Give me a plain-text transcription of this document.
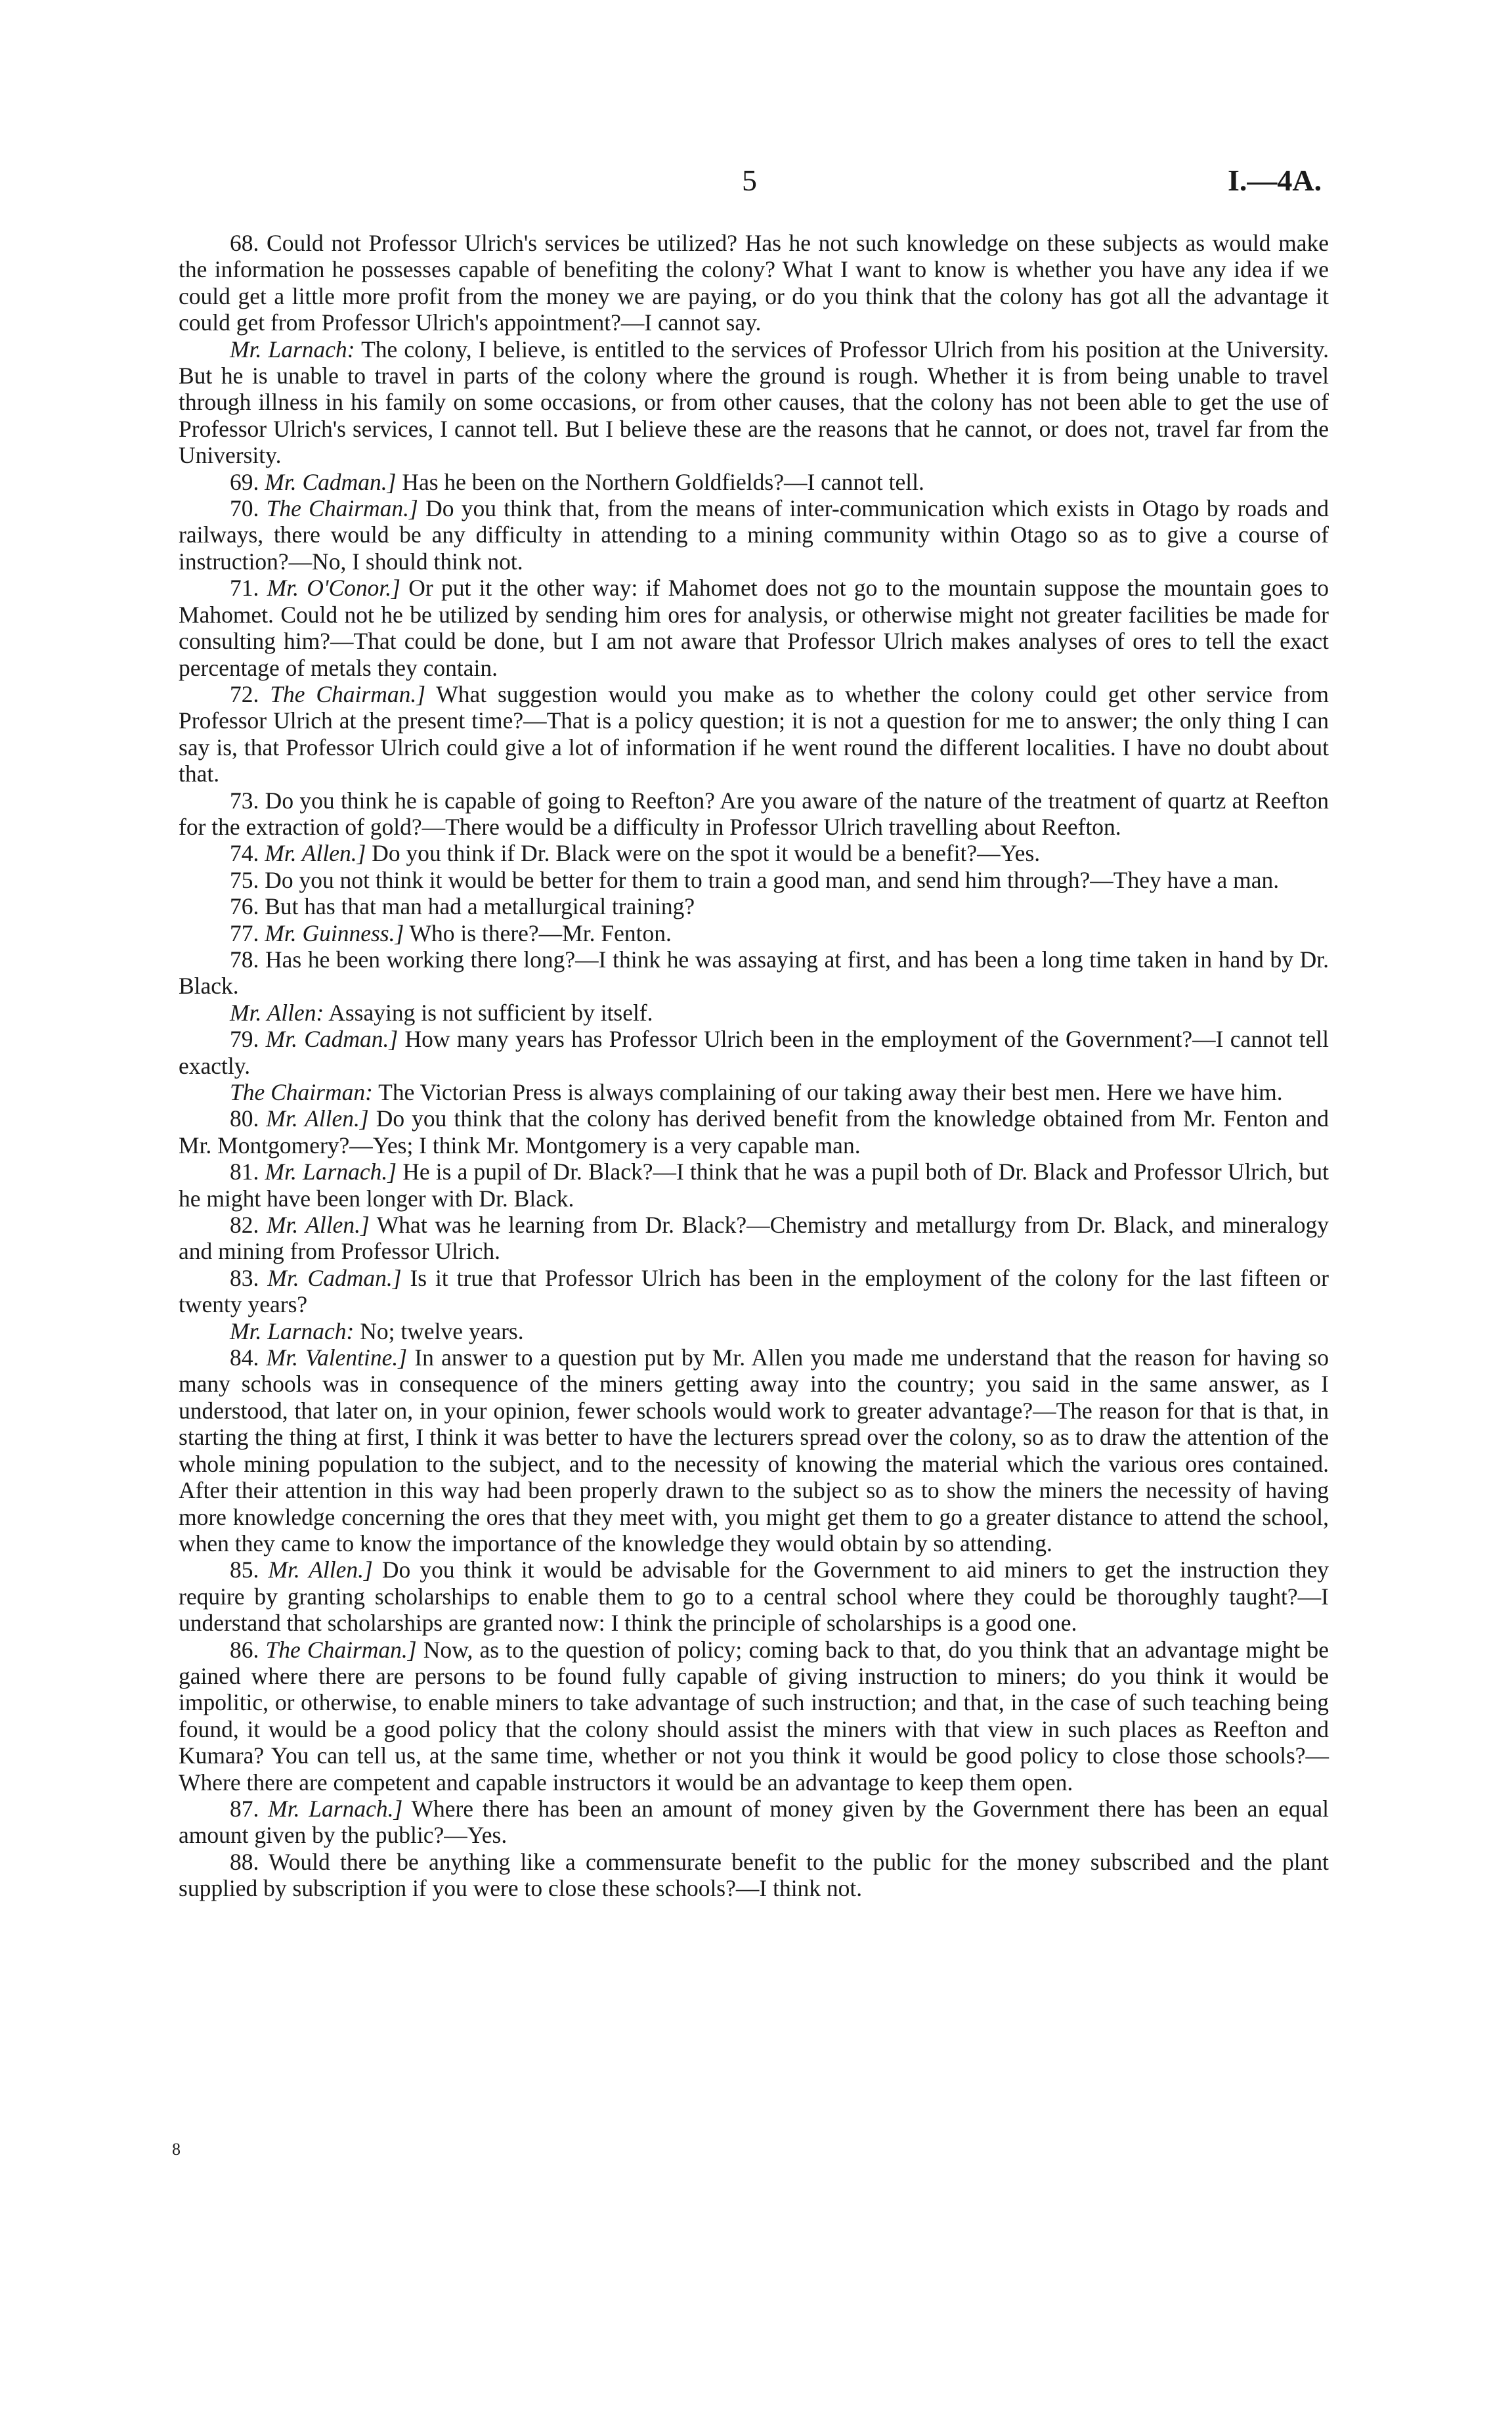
5	I.—4A.

68. Could not Professor Ulrich's services be utilized? Has he not such knowledge on these subjects as would make the information he possesses capable of benefiting the colony? What I want to know is whether you have any idea if we could get a little more profit from the money we are paying, or do you think that the colony has got all the advantage it could get from Professor Ulrich's appointment?—I cannot say.

Mr. Larnach: The colony, I believe, is entitled to the services of Professor Ulrich from his position at the University. But he is unable to travel in parts of the colony where the ground is rough. Whether it is from being unable to travel through illness in his family on some occasions, or from other causes, that the colony has not been able to get the use of Professor Ulrich's services, I cannot tell. But I believe these are the reasons that he cannot, or does not, travel far from the University.

69. Mr. Cadman.] Has he been on the Northern Goldfields?—I cannot tell.

70. The Chairman.] Do you think that, from the means of inter-communication which exists in Otago by roads and railways, there would be any difficulty in attending to a mining community within Otago so as to give a course of instruction?—No, I should think not.

71. Mr. O'Conor.] Or put it the other way: if Mahomet does not go to the mountain suppose the mountain goes to Mahomet. Could not he be utilized by sending him ores for analysis, or otherwise might not greater facilities be made for consulting him?—That could be done, but I am not aware that Professor Ulrich makes analyses of ores to tell the exact percentage of metals they contain.

72. The Chairman.] What suggestion would you make as to whether the colony could get other service from Professor Ulrich at the present time?—That is a policy question; it is not a question for me to answer; the only thing I can say is, that Professor Ulrich could give a lot of information if he went round the different localities. I have no doubt about that.

73. Do you think he is capable of going to Reefton? Are you aware of the nature of the treatment of quartz at Reefton for the extraction of gold?—There would be a difficulty in Professor Ulrich travelling about Reefton.

74. Mr. Allen.] Do you think if Dr. Black were on the spot it would be a benefit?—Yes.

75. Do you not think it would be better for them to train a good man, and send him through?—They have a man.

76. But has that man had a metallurgical training?

77. Mr. Guinness.] Who is there?—Mr. Fenton.

78. Has he been working there long?—I think he was assaying at first, and has been a long time taken in hand by Dr. Black.

Mr. Allen: Assaying is not sufficient by itself.

79. Mr. Cadman.] How many years has Professor Ulrich been in the employment of the Government?—I cannot tell exactly.

The Chairman: The Victorian Press is always complaining of our taking away their best men. Here we have him.

80. Mr. Allen.] Do you think that the colony has derived benefit from the knowledge obtained from Mr. Fenton and Mr. Montgomery?—Yes; I think Mr. Montgomery is a very capable man.

81. Mr. Larnach.] He is a pupil of Dr. Black?—I think that he was a pupil both of Dr. Black and Professor Ulrich, but he might have been longer with Dr. Black.

82. Mr. Allen.] What was he learning from Dr. Black?—Chemistry and metallurgy from Dr. Black, and mineralogy and mining from Professor Ulrich.

83. Mr. Cadman.] Is it true that Professor Ulrich has been in the employment of the colony for the last fifteen or twenty years?

Mr. Larnach: No; twelve years.

84. Mr. Valentine.] In answer to a question put by Mr. Allen you made me understand that the reason for having so many schools was in consequence of the miners getting away into the country; you said in the same answer, as I understood, that later on, in your opinion, fewer schools would work to greater advantage?—The reason for that is that, in starting the thing at first, I think it was better to have the lecturers spread over the colony, so as to draw the attention of the whole mining population to the subject, and to the necessity of knowing the material which the various ores contained. After their attention in this way had been properly drawn to the subject so as to show the miners the necessity of having more knowledge concerning the ores that they meet with, you might get them to go a greater distance to attend the school, when they came to know the importance of the knowledge they would obtain by so attending.

85. Mr. Allen.] Do you think it would be advisable for the Government to aid miners to get the instruction they require by granting scholarships to enable them to go to a central school where they could be thoroughly taught?—I understand that scholarships are granted now: I think the principle of scholarships is a good one.

86. The Chairman.] Now, as to the question of policy; coming back to that, do you think that an advantage might be gained where there are persons to be found fully capable of giving instruction to miners; do you think it would be impolitic, or otherwise, to enable miners to take advantage of such instruction; and that, in the case of such teaching being found, it would be a good policy that the colony should assist the miners with that view in such places as Reefton and Kumara? You can tell us, at the same time, whether or not you think it would be good policy to close those schools?—Where there are competent and capable instructors it would be an advantage to keep them open.

87. Mr. Larnach.] Where there has been an amount of money given by the Government there has been an equal amount given by the public?—Yes.

88. Would there be anything like a commensurate benefit to the public for the money subscribed and the plant supplied by subscription if you were to close these schools?—I think not.

8
